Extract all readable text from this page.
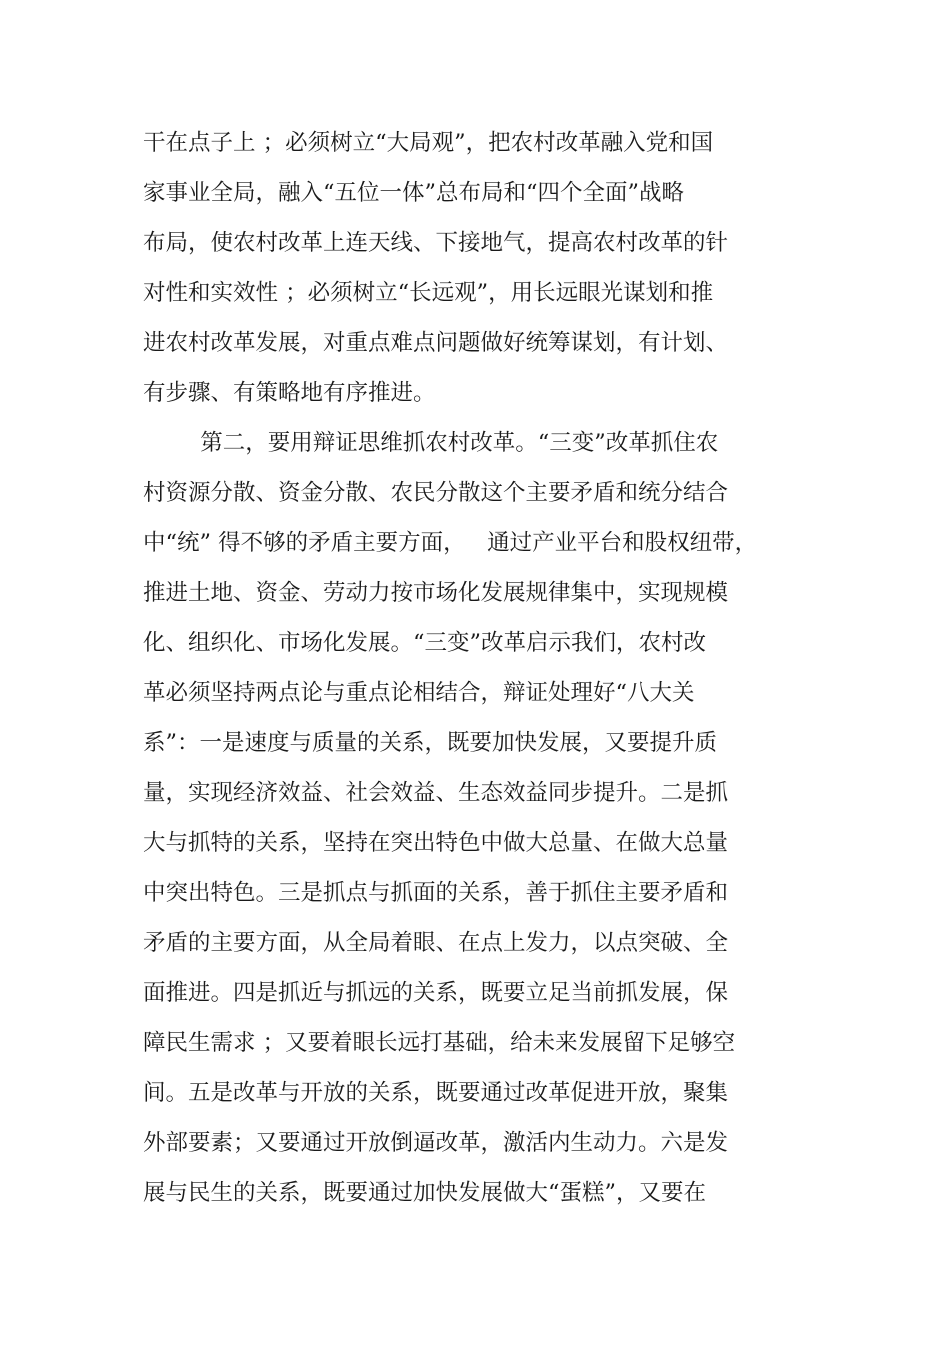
干在点子上 ；必须树立“大局观”，把农村改革融入党和国
家事业全局，融入“五位一体”总布局和“四个全面”战略
布局，使农村改革上连天线、下接地气，提高农村改革的针
对性和实效性 ；必须树立“长远观”，用长远眼光谋划和推
进农村改革发展，对重点难点问题做好统筹谋划，有计划、
有步骤、有策略地有序推进。
第二，要用辩证思维抓农村改革。“三变”改革抓住农
村资源分散、资金分散、农民分散这个主要矛盾和统分结合
中“统” 得不够的矛盾主要方面，   通过产业平台和股权纽带，
推进土地、资金、劳动力按市场化发展规律集中，实现规模
化、组织化、市场化发展。“三变”改革启示我们，农村改
革必须坚持两点论与重点论相结合，辩证处理好“八大关
系”：一是速度与质量的关系，既要加快发展，又要提升质
量，实现经济效益、社会效益、生态效益同步提升。二是抓
大与抓特的关系，坚持在突出特色中做大总量、在做大总量
中突出特色。三是抓点与抓面的关系，善于抓住主要矛盾和
矛盾的主要方面，从全局着眼、在点上发力，以点突破、全
面推进。四是抓近与抓远的关系，既要立足当前抓发展，保
障民生需求 ；又要着眼长远打基础，给未来发展留下足够空
间。五是改革与开放的关系，既要通过改革促进开放，聚集
外部要素；又要通过开放倒逼改革，激活内生动力。六是发
展与民生的关系，既要通过加快发展做大“蛋糕”，又要在
